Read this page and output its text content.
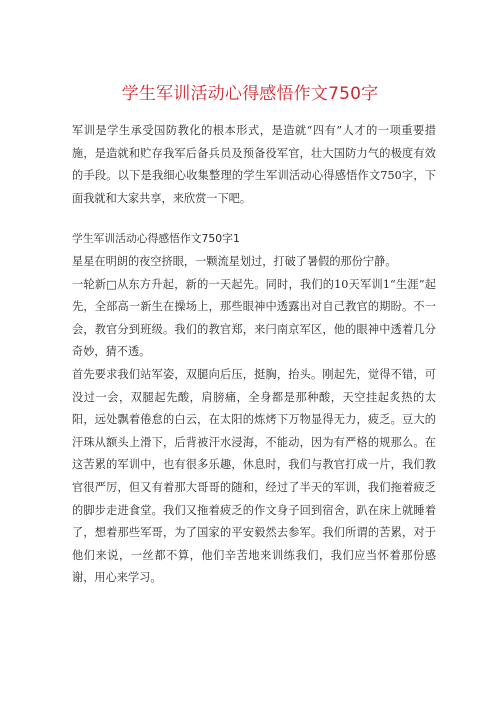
学生军训活动心得感悟作文750字

军训是学生承受国防教化的根本形式，是造就“四有”人才的一项重要措施，是造就和贮存我军后备兵员及预备役军官，壮大国防力气的极度有效的手段。以下是我细心收集整理的学生军训活动心得感悟作文750字，下面我就和大家共享，来欣赏一下吧。

学生军训活动心得感悟作文750字1

星星在明朗的夜空挤眼，一颗流星划过，打破了暑假的那份宁静。

一轮新□从东方升起，新的一天起先。同时，我们的10天军训1“生涯”起先，全部高一新生在操场上，那些眼神中透露出对自己教官的期盼。不一会，教官分到班级。我们的教官郑，来闩南京军区，他的眼神中透着几分奇妙，猜不透。

首先要求我们站军姿，双腿向后压，挺胸，抬头。刚起先，觉得不错，可没过一会，双腿起先酸，肩膀痛，全身都是那种酸，天空挂起炙热的太阳，远处飘着倦怠的白云，在太阳的炼烤下万物显得无力，疲乏。豆大的汗珠从额头上滑下，后背被汗水浸海，不能动，因为有严格的规那么。在这苦累的军训中，也有很多乐趣，休息时，我们与教官打成一片，我们教官很严厉，但又有着那大哥哥的随和，经过了半天的军训，我们拖着疲乏的脚步走进食堂。我们又拖着疲乏的作文身子回到宿舍，趴在床上就睡着了，想着那些军哥，为了国家的平安毅然去参军。我们所谓的苦累，对于他们来说，一丝都不算，他们辛苦地来训练我们，我们应当怀着那份感谢，用心来学习。
